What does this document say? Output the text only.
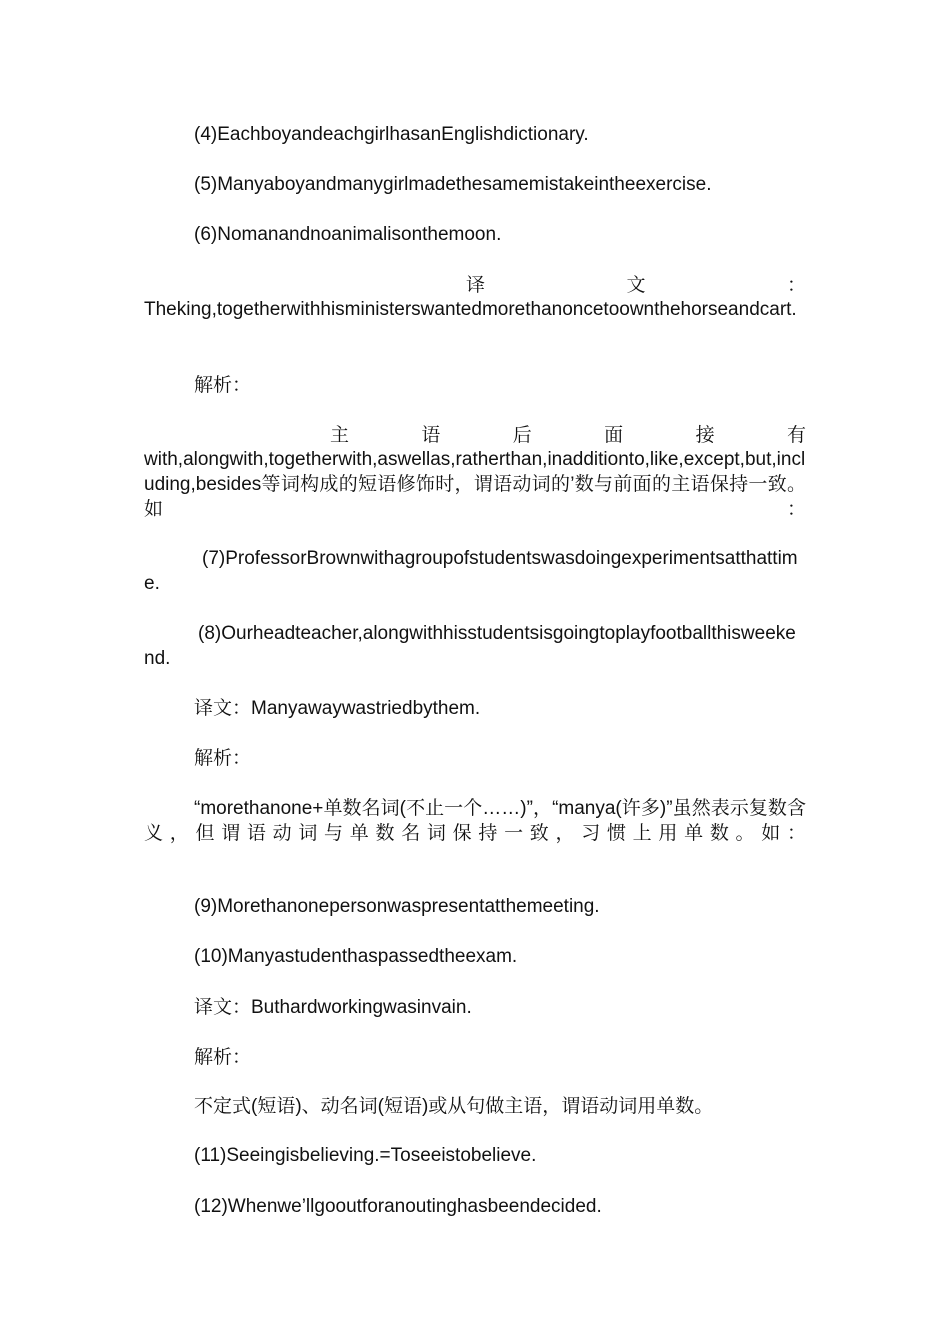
(4)EachboyandeachgirlhasanEnglishdictionary.

(5)Manyaboyandmanygirlmadethesamemistakeintheexercise.

(6)Nomanandnoanimalisonthemoon.

译	文	：

Theking,togetherwithhisministerswantedmorethanoncetoownthehorseandcart.

解析：

主	语	后	面	接	有

with,alongwith,togetherwith,aswellas,ratherthan,inadditionto,like,except,but,including,besides等词构成的短语修饰时，谓语动词的’数与前面的主语保持一致。如：

(7)ProfessorBrownwithagroupofstudentswasdoingexperimentsatthattime.

(8)Ourheadteacher,alongwithhisstudentsisgoingtoplayfootballthisweekend.

译文：Manyawaywastriedbythem.

解析：

“morethanone+单数名词(不止一个……)”，“manya(许多)”虽然表示复数含义，但谓语动词与单数名词保持一致，习惯上用单数。如：

(9)Morethanonepersonwaspresentatthemeeting.

(10)Manyastudenthaspassedtheexam.

译文：Buthardworkingwasinvain.

解析：

不定式(短语)、动名词(短语)或从句做主语，谓语动词用单数。

(11)Seeingisbelieving.=Toseeistobelieve.

(12)Whenwe’llgooutforanoutinghasbeendecided.
